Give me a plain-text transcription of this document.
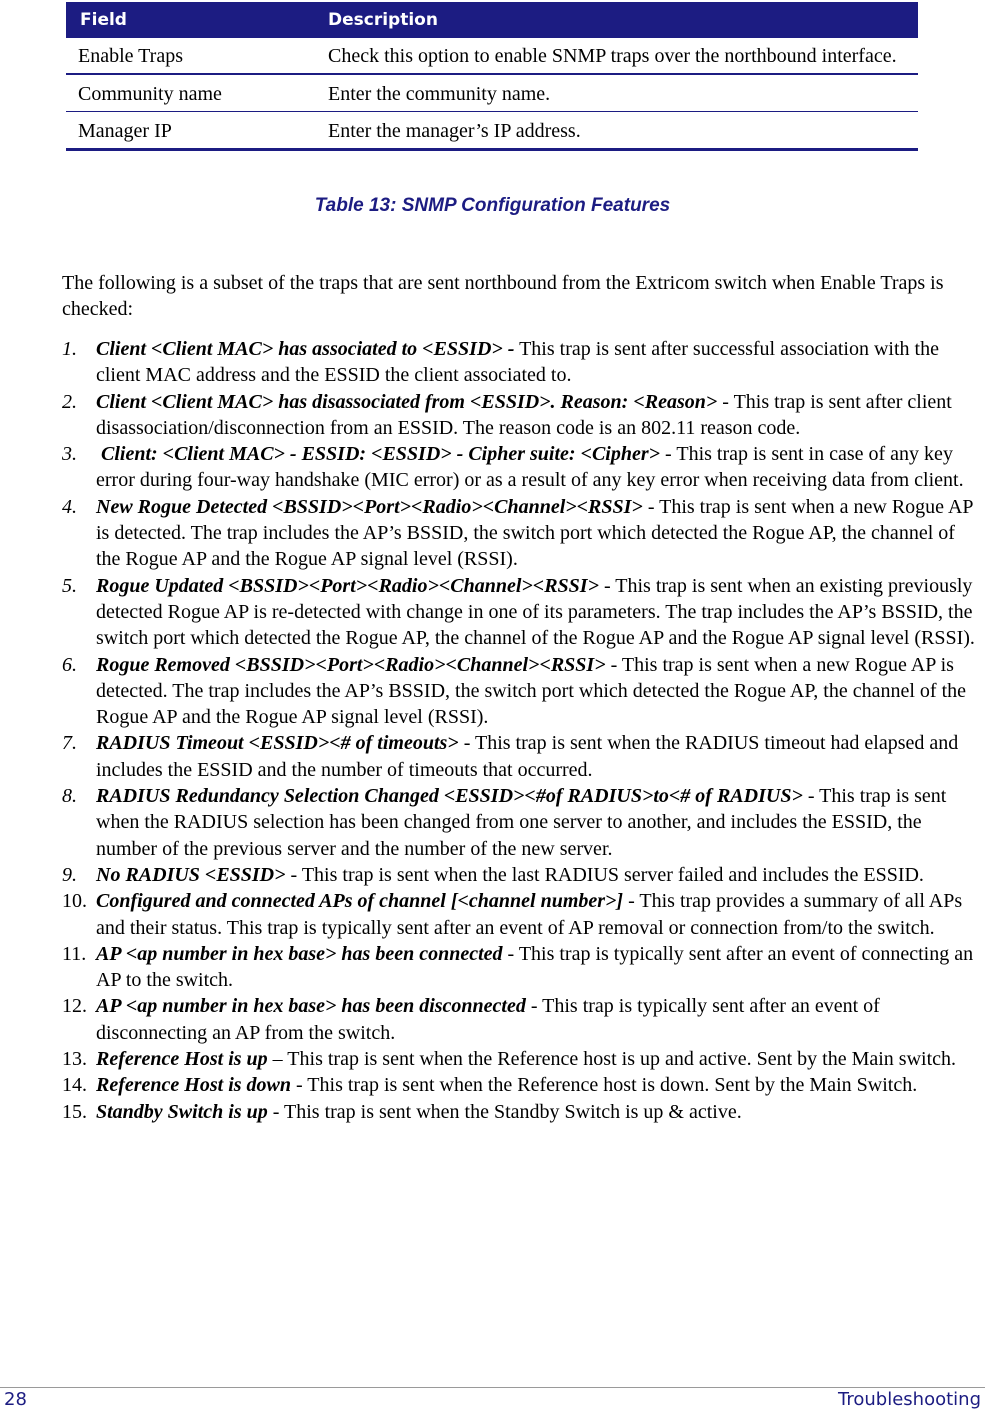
Field	Description
Enable Traps	Check this option to enable SNMP traps over the northbound interface.
Community name	Enter the community name.
Manager IP	Enter the manager’s IP address.
Table 13: SNMP Configuration Features
The following is a subset of the traps that are sent northbound from the Extricom switch when Enable Traps is checked:
1. Client <Client MAC> has associated to <ESSID> - This trap is sent after successful association with the client MAC address and the ESSID the client associated to.
2. Client <Client MAC> has disassociated from <ESSID>. Reason: <Reason> - This trap is sent after client disassociation/disconnection from an ESSID. The reason code is an 802.11 reason code.
3. Client: <Client MAC> - ESSID: <ESSID> - Cipher suite: <Cipher> - This trap is sent in case of any key error during four-way handshake (MIC error) or as a result of any key error when receiving data from client.
4. New Rogue Detected <BSSID><Port><Radio><Channel><RSSI> - This trap is sent when a new Rogue AP is detected. The trap includes the AP’s BSSID, the switch port which detected the Rogue AP, the channel of the Rogue AP and the Rogue AP signal level (RSSI).
5. Rogue Updated <BSSID><Port><Radio><Channel><RSSI> - This trap is sent when an existing previously detected Rogue AP is re-detected with change in one of its parameters. The trap includes the AP’s BSSID, the switch port which detected the Rogue AP, the channel of the Rogue AP and the Rogue AP signal level (RSSI).
6. Rogue Removed <BSSID><Port><Radio><Channel><RSSI> - This trap is sent when a new Rogue AP is detected. The trap includes the AP’s BSSID, the switch port which detected the Rogue AP, the channel of the Rogue AP and the Rogue AP signal level (RSSI).
7. RADIUS Timeout <ESSID><# of timeouts> - This trap is sent when the RADIUS timeout had elapsed and includes the ESSID and the number of timeouts that occurred.
8. RADIUS Redundancy Selection Changed <ESSID><#of RADIUS>to<# of RADIUS> - This trap is sent when the RADIUS selection has been changed from one server to another, and includes the ESSID, the number of the previous server and the number of the new server.
9. No RADIUS <ESSID> - This trap is sent when the last RADIUS server failed and includes the ESSID.
10. Configured and connected APs of channel [<channel number>] - This trap provides a summary of all APs and their status. This trap is typically sent after an event of AP removal or connection from/to the switch.
11. AP <ap number in hex base> has been connected - This trap is typically sent after an event of connecting an AP to the switch.
12. AP <ap number in hex base> has been disconnected - This trap is typically sent after an event of disconnecting an AP from the switch.
13. Reference Host is up – This trap is sent when the Reference host is up and active. Sent by the Main switch.
14. Reference Host is down - This trap is sent when the Reference host is down. Sent by the Main Switch.
15. Standby Switch is up - This trap is sent when the Standby Switch is up & active.
28	Troubleshooting
